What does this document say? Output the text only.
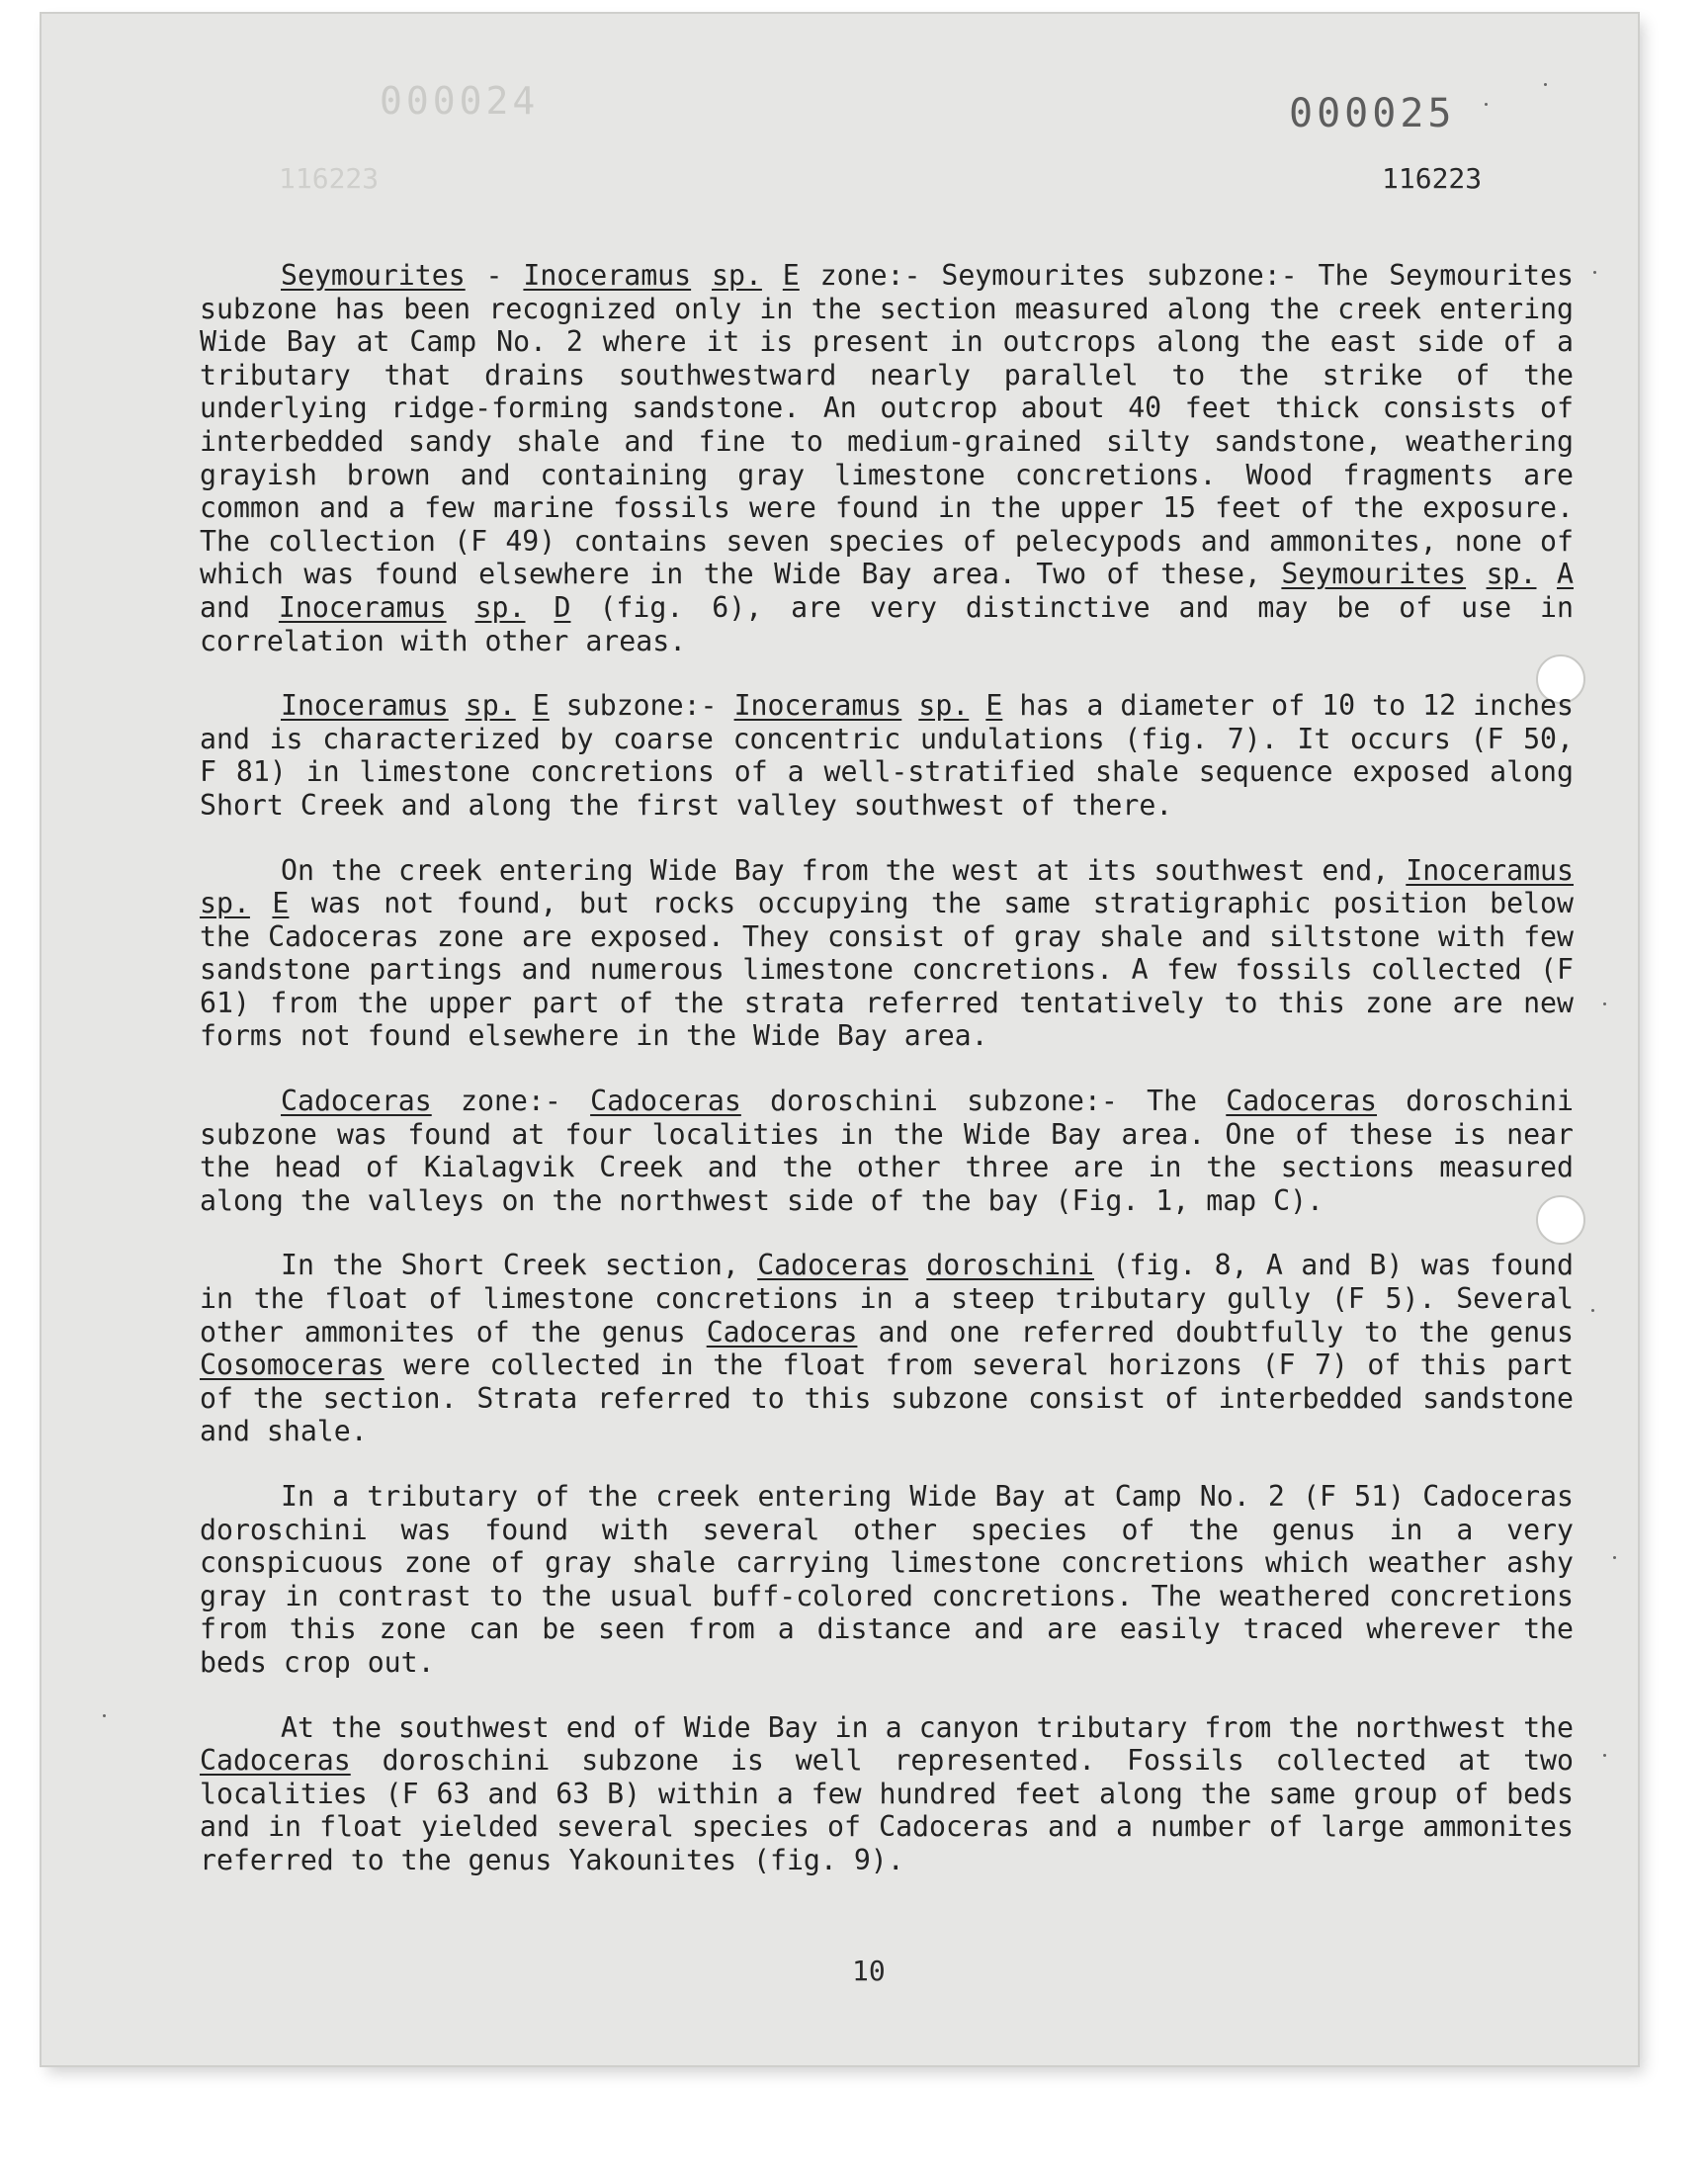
000024	000025
116223	116223

Seymourites - Inoceramus sp. E zone:- Seymourites subzone:- The Seymourites subzone has been recognized only in the section measured along the creek entering Wide Bay at Camp No. 2 where it is present in outcrops along the east side of a tributary that drains southwestward nearly parallel to the strike of the underlying ridge-forming sandstone. An outcrop about 40 feet thick consists of interbedded sandy shale and fine to medium-grained silty sandstone, weathering grayish brown and containing gray limestone concretions. Wood fragments are common and a few marine fossils were found in the upper 15 feet of the exposure. The collection (F 49) contains seven species of pelecypods and ammonites, none of which was found elsewhere in the Wide Bay area. Two of these, Seymourites sp. A and Inoceramus sp. D (fig. 6), are very distinctive and may be of use in correlation with other areas.

Inoceramus sp. E subzone:- Inoceramus sp. E has a diameter of 10 to 12 inches and is characterized by coarse concentric undulations (fig. 7). It occurs (F 50, F 81) in limestone concretions of a well-stratified shale sequence exposed along Short Creek and along the first valley southwest of there.

On the creek entering Wide Bay from the west at its southwest end, Inoceramus sp. E was not found, but rocks occupying the same stratigraphic position below the Cadoceras zone are exposed. They consist of gray shale and siltstone with few sandstone partings and numerous limestone concretions. A few fossils collected (F 61) from the upper part of the strata referred tentatively to this zone are new forms not found elsewhere in the Wide Bay area.

Cadoceras zone:- Cadoceras doroschini subzone:- The Cadoceras doroschini subzone was found at four localities in the Wide Bay area. One of these is near the head of Kialagvik Creek and the other three are in the sections measured along the valleys on the northwest side of the bay (Fig. 1, map C).

In the Short Creek section, Cadoceras doroschini (fig. 8, A and B) was found in the float of limestone concretions in a steep tributary gully (F 5). Several other ammonites of the genus Cadoceras and one referred doubtfully to the genus Cosomoceras were collected in the float from several horizons (F 7) of this part of the section. Strata referred to this subzone consist of interbedded sandstone and shale.

In a tributary of the creek entering Wide Bay at Camp No. 2 (F 51) Cadoceras doroschini was found with several other species of the genus in a very conspicuous zone of gray shale carrying limestone concretions which weather ashy gray in contrast to the usual buff-colored concretions. The weathered concretions from this zone can be seen from a distance and are easily traced wherever the beds crop out.

At the southwest end of Wide Bay in a canyon tributary from the northwest the Cadoceras doroschini subzone is well represented. Fossils collected at two localities (F 63 and 63 B) within a few hundred feet along the same group of beds and in float yielded several species of Cadoceras and a number of large ammonites referred to the genus Yakounites (fig. 9).

10
